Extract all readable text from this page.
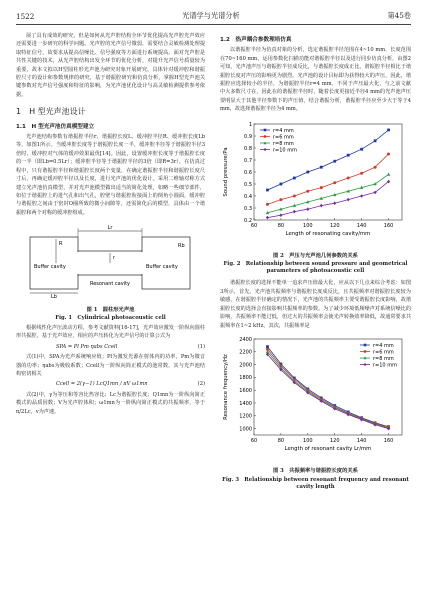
1522	光谱学与光谱分析	第45卷

展了具有成效的研究，但是如何从光声腔结构全环节优化提高光声腔光声效应还需要进一步研究的科学问题。光声腔的光声信号微弱，需要结合灵敏检测处理提取特征信号，故要求从提高信噪比、信号强度等方面进行系统提高。面对光声腔是共性关键的技术，从光声腔结构出发全环节的优化分析，对提升光声信号质量较为重要。故本文拟以H型圆柱形光声池为研究对象开展研究，具体针对缓冲腔和谐振腔尺寸的设计和参数规律的研究，基于谐振腔研究和仿真分析，掌握H型光声池关键参数对光声信号强度和特征的影响，为光声池优化设计与高灵敏检测提供参考依据。

1　H 型光声池设计
1.1　H 型光声池仿真模型建立

光声池结构参数有谐振腔半径r、谐振腔长度L、缓冲腔半径R、缓冲腔长度Lb等，如图1所示。当缓冲腔长度等于谐振腔长度一半，缓冲腔半径等于谐振腔半径3倍时，缓冲腔对气体的缓冲效果最优[14]。因此，设置缓冲腔长度等于谐振腔长度的一半（即Lb=0.5Lr）；缓冲腔半径等于谐振腔半径的3倍（即R=3r）。在仿真过程中，只有谐振腔半径和谐振腔长度两个变量，在确定谐振腔半径和谐振腔长度尺寸后，再确定缓冲腔半径以及长度，进行光声池的优化设计。采用二维轴对称方式建立光声池仿真模型，并对光声池模型做出适当的简化处理，如略一些细节部件，如位于谐振腔上的进气孔和出气孔，腔壁与谐振腔衔接面上的倒角小圆面，缓冲腔与谐振腔之间由于密封O圈所致的微小间隙等，还需简化后的模型，具体由一个谐振腔和两个对称的缓冲腔组成。

Lr
Lb
r
R	Rb
Buffer cavity
Resonant cavity
Buffer cavity
图 1　圆柱形光声池
Fig. 1　Cylindrical photoacoustic cell

根据线性化声压波动方程，参考文献资料[16-17]，光声效应激发一阶纵向圆柱形共振腔，基于光声效应，相应的声压转化为光声信号的计算公式为

SPA = Pl Pm ηabs Ccell	(1)

式(1)中，SPA为光声系统响应值；Pl为激发光源在射体内的功率，Pm为微音器的功率；ηabs为吸收系数；Ccell为一阶纵向简正模式的池常数，其与光声池结构密切相关

Ccell = 2(γ−1) LcQ1mn / πV ω1mn	(2)

式(2)中，γ为等压和等容比热容比；Lc为谐振腔长度；Q1mn为一阶纵向简正模式的品质因数；V为光声腔体积；ω1mn为一阶纵向简正模式的共振频率，等于n/2Lc，v为声速。

1.2　热声耦合参数理培仿真

以谐振腔半径为仿真对象的分析，选定谐振腔半径范围在4~10 mm，长度范围在70~160 mm，运用参数化扫描功能对谐振腔半径以及进行同步仿真分析，由图2可知，光声池声压与谐振腔半径成反比，与谐振腔长度成正比，谐振腔半径相比于谐振腔长度对声压的影响更为剧烈。光声池的设计目标即为获得较大的声压，因此，谐振腔应选择较小的半径，为谐振腔半径r=4 mm，不同于声压最大化，与之前文献中大多数尺寸在，因此在的谐振腔半径时，随着长度更接近半径4 mm的光声池声压要明显大于其他半径参数下的声压值，结合谐振分析，谐振腔半径应至少大于等于4 mm，故选择谐振腔半径为4 mm。

60	80	100	120	140	160
0.2
0.3
0.4
0.5
0.6
0.7
0.8
0.9
1
Length of resonating cavity/mm
Sound pressure/Pa
r=4 mm
r=6 mm
r=8 mm
r=10 mm
图 2　声压与光声池几何参数的关系
Fig. 2　Relationship between sound pressure and geometrical parameters of photoacoustic cell

谐振腔长度的选择不能单一追求声压值最大化，应从以下几点来综合考虑：如图3所示，首先，光声池共振频率与谐振腔长度成反比，且共振频率对谐振腔长度较为敏感，在谐振腔半径确定的情况下，光声池的共振频率主要受谐振腔长度影响，故谐振腔长度的选择会直接影响共振频率的参数。为了减少环境低频噪声对系统信噪比的影响，共振频率不能过低，但过大的共振频率会使光声转换效率降低，故通常要求共振频率在1~2 kHz。其次，共振频率是

60	80	100	120	140	160
1000
1200
1400
1600
1800
2000
2200
2400
Length of resonant cavity Lr/mm
Resonance frequency/Hz
r=4 mm
r=6 mm
r=8 mm
r=10 mm
图 3　共振频率与谐振腔长度的关系
Fig. 3　Relationship between resonant frequency and resonant cavity length
